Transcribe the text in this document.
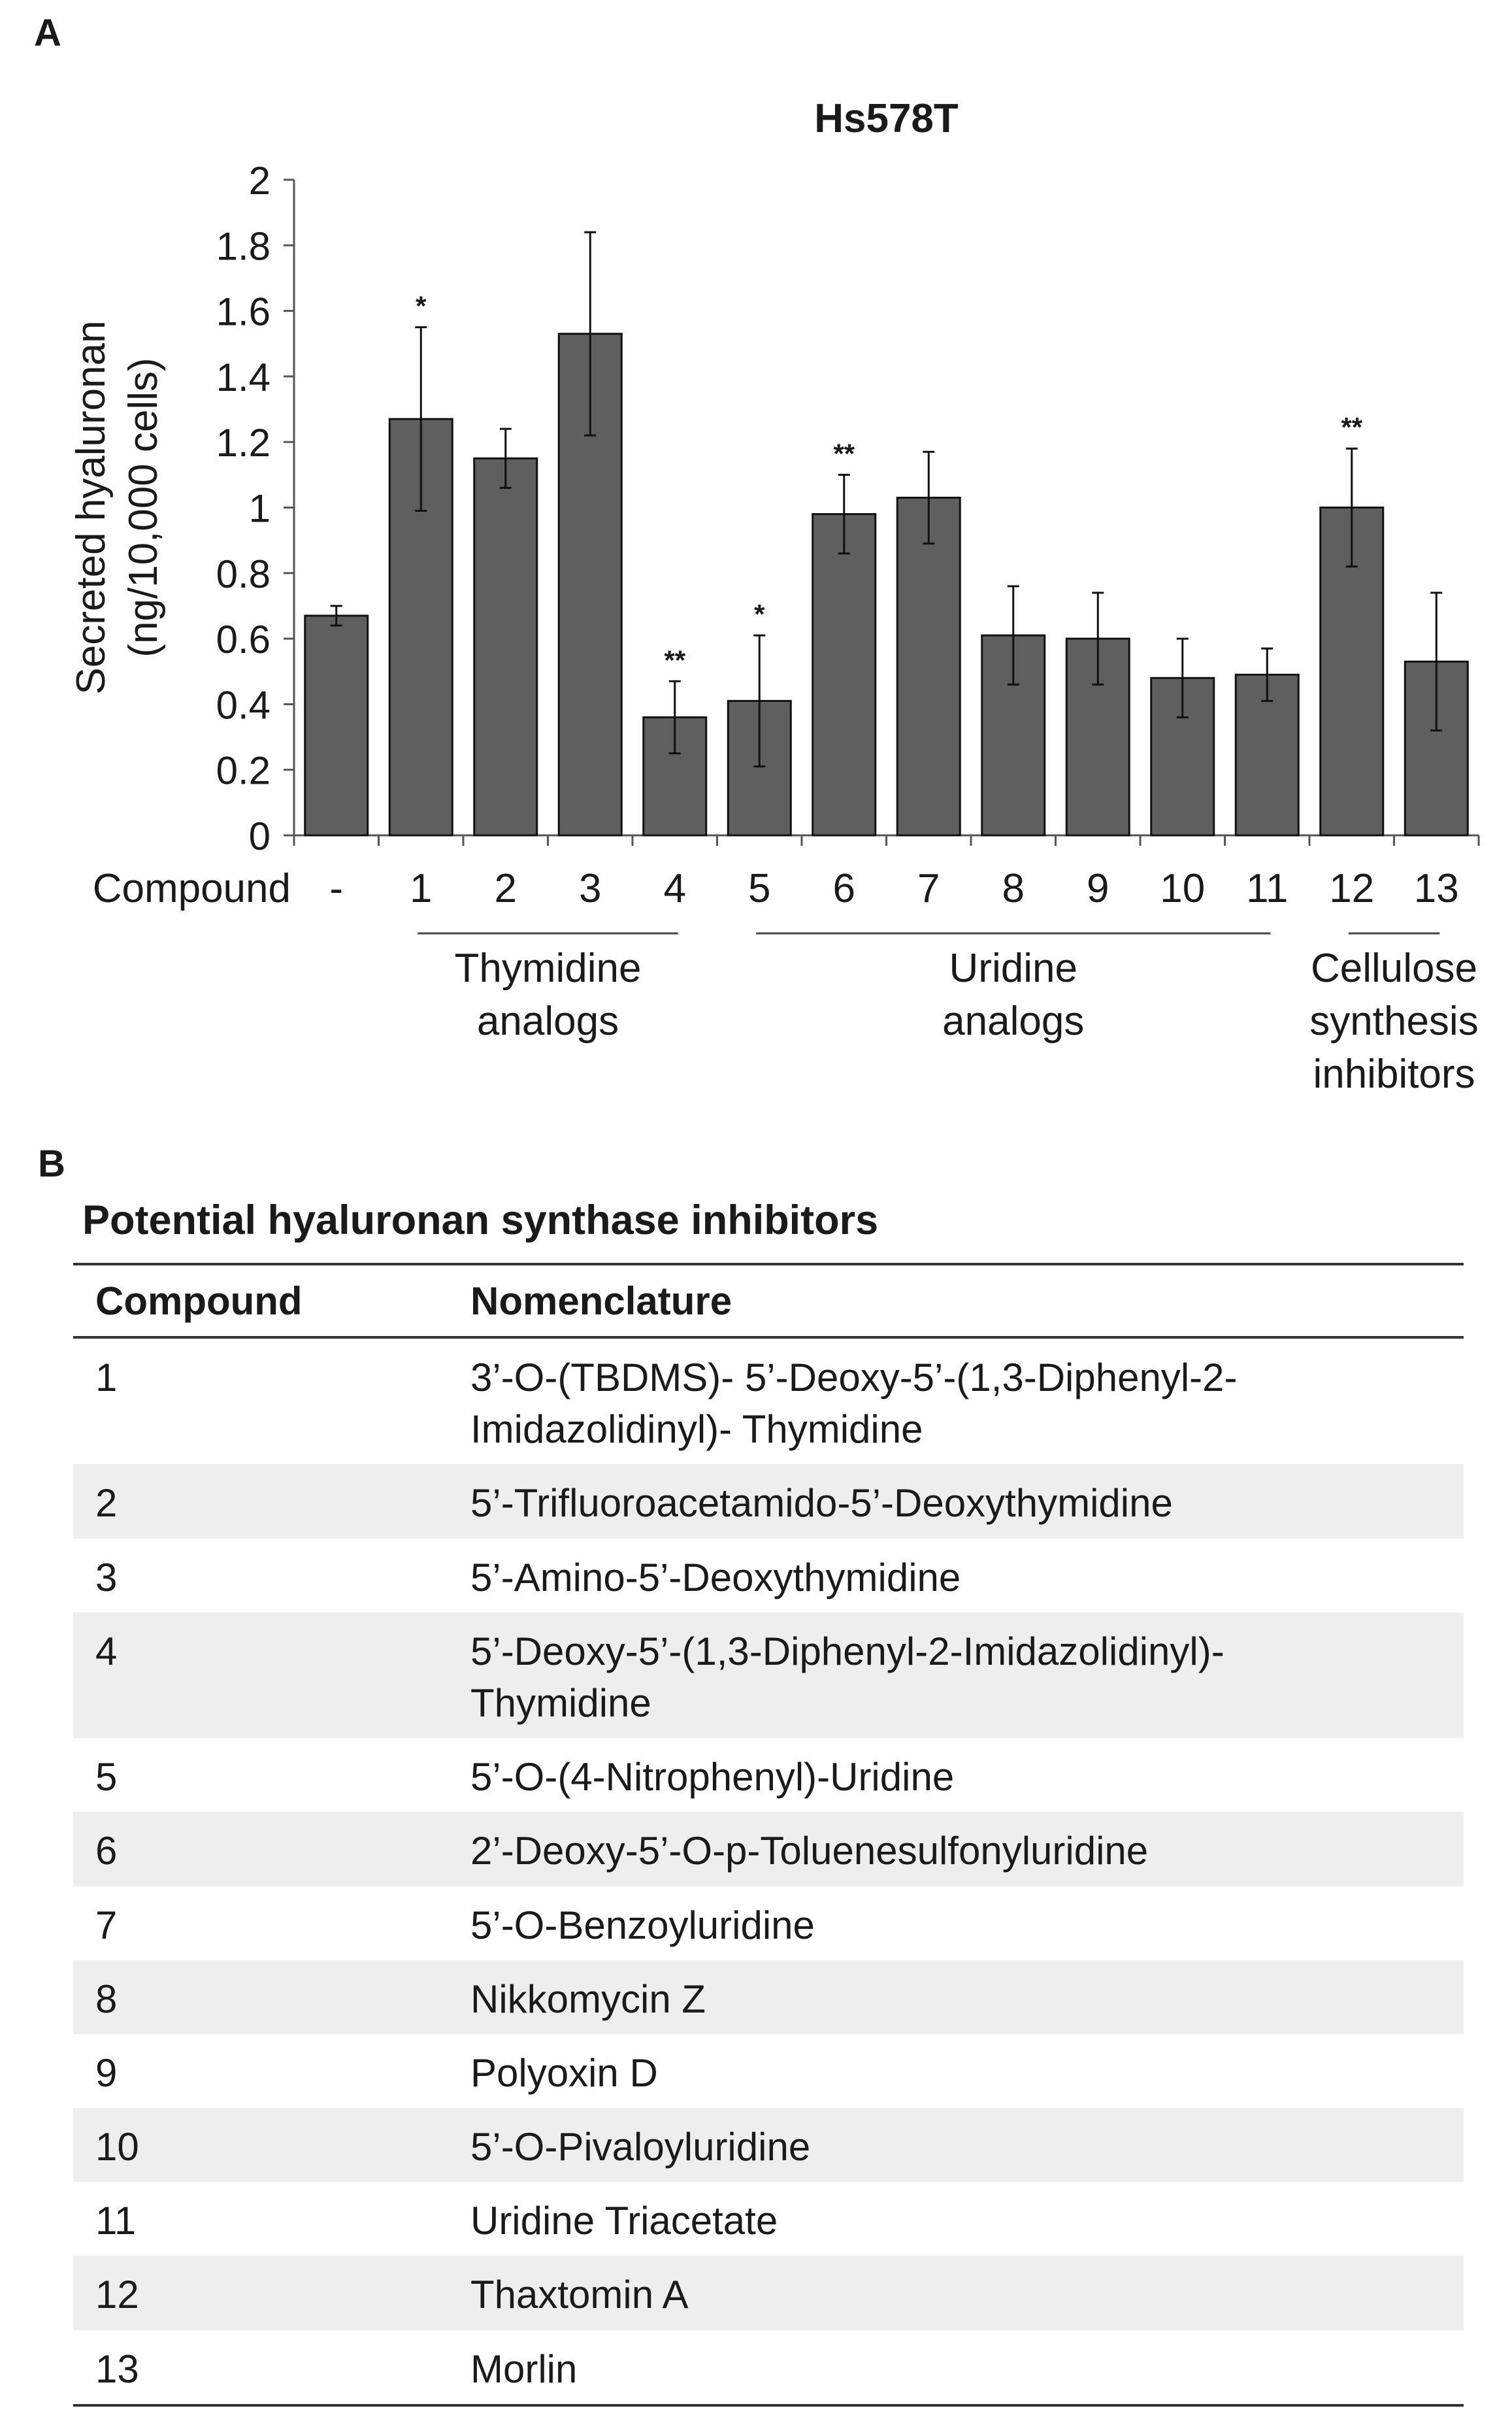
A
Hs578T
0
0.2
0.4
0.6
0.8
1
1.2
1.4
1.6
1.8
2
Secreted hyaluronan (ng/10,000 cells)
-
*
1 2 3
**
4
*
5
**
6 7 8 9 10 11
**
12 13
Compound
Thymidine analogs
Uridine analogs
Cellulose synthesis inhibitors
B
Potential hyaluronan synthase inhibitors
Compound	Nomenclature
1	3’-O-(TBDMS)- 5’-Deoxy-5’-(1,3-Diphenyl-2-
Imidazolidinyl)- Thymidine

2	5’-Trifluoroacetamido-5’-Deoxythymidine

3	5’-Amino-5’-Deoxythymidine

4	5’-Deoxy-5’-(1,3-Diphenyl-2-Imidazolidinyl)-
Thymidine

5	5’-O-(4-Nitrophenyl)-Uridine

6	2’-Deoxy-5’-O-p-Toluenesulfonyluridine

7	5’-O-Benzoyluridine

8	Nikkomycin Z

9	Polyoxin D

10	5’-O-Pivaloyluridine

11	Uridine Triacetate

12	Thaxtomin A

13	Morlin
